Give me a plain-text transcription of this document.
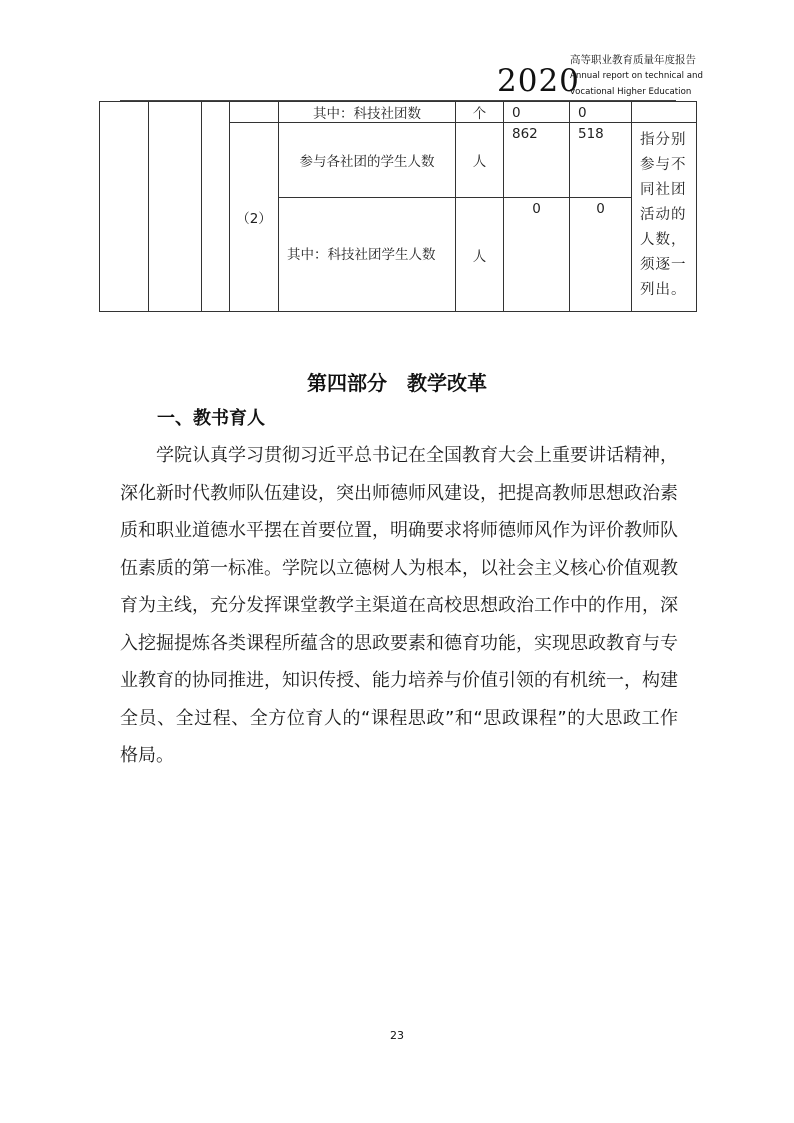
2020
高等职业教育质量年度报告
Annual report on technical and
vocational Higher Education
				其中：科技社团数	个	0	0	
			（2）	参与各社团的学生人数	人	862	518	指分别参与不同社团活动的人数，须逐一列出。
				其中：科技社团学生人数	人	0	0	
第四部分　教学改革
一、教书育人

学院认真学习贯彻习近平总书记在全国教育大会上重要讲话精神，深化新时代教师队伍建设，突出师德师风建设，把提高教师思想政治素质和职业道德水平摆在首要位置，明确要求将师德师风作为评价教师队伍素质的第一标准。学院以立德树人为根本，以社会主义核心价值观教育为主线，充分发挥课堂教学主渠道在高校思想政治工作中的作用，深入挖掘提炼各类课程所蕴含的思政要素和德育功能，实现思政教育与专业教育的协同推进，知识传授、能力培养与价值引领的有机统一，构建全员、全过程、全方位育人的“课程思政”和“思政课程”的大思政工作格局。

23
